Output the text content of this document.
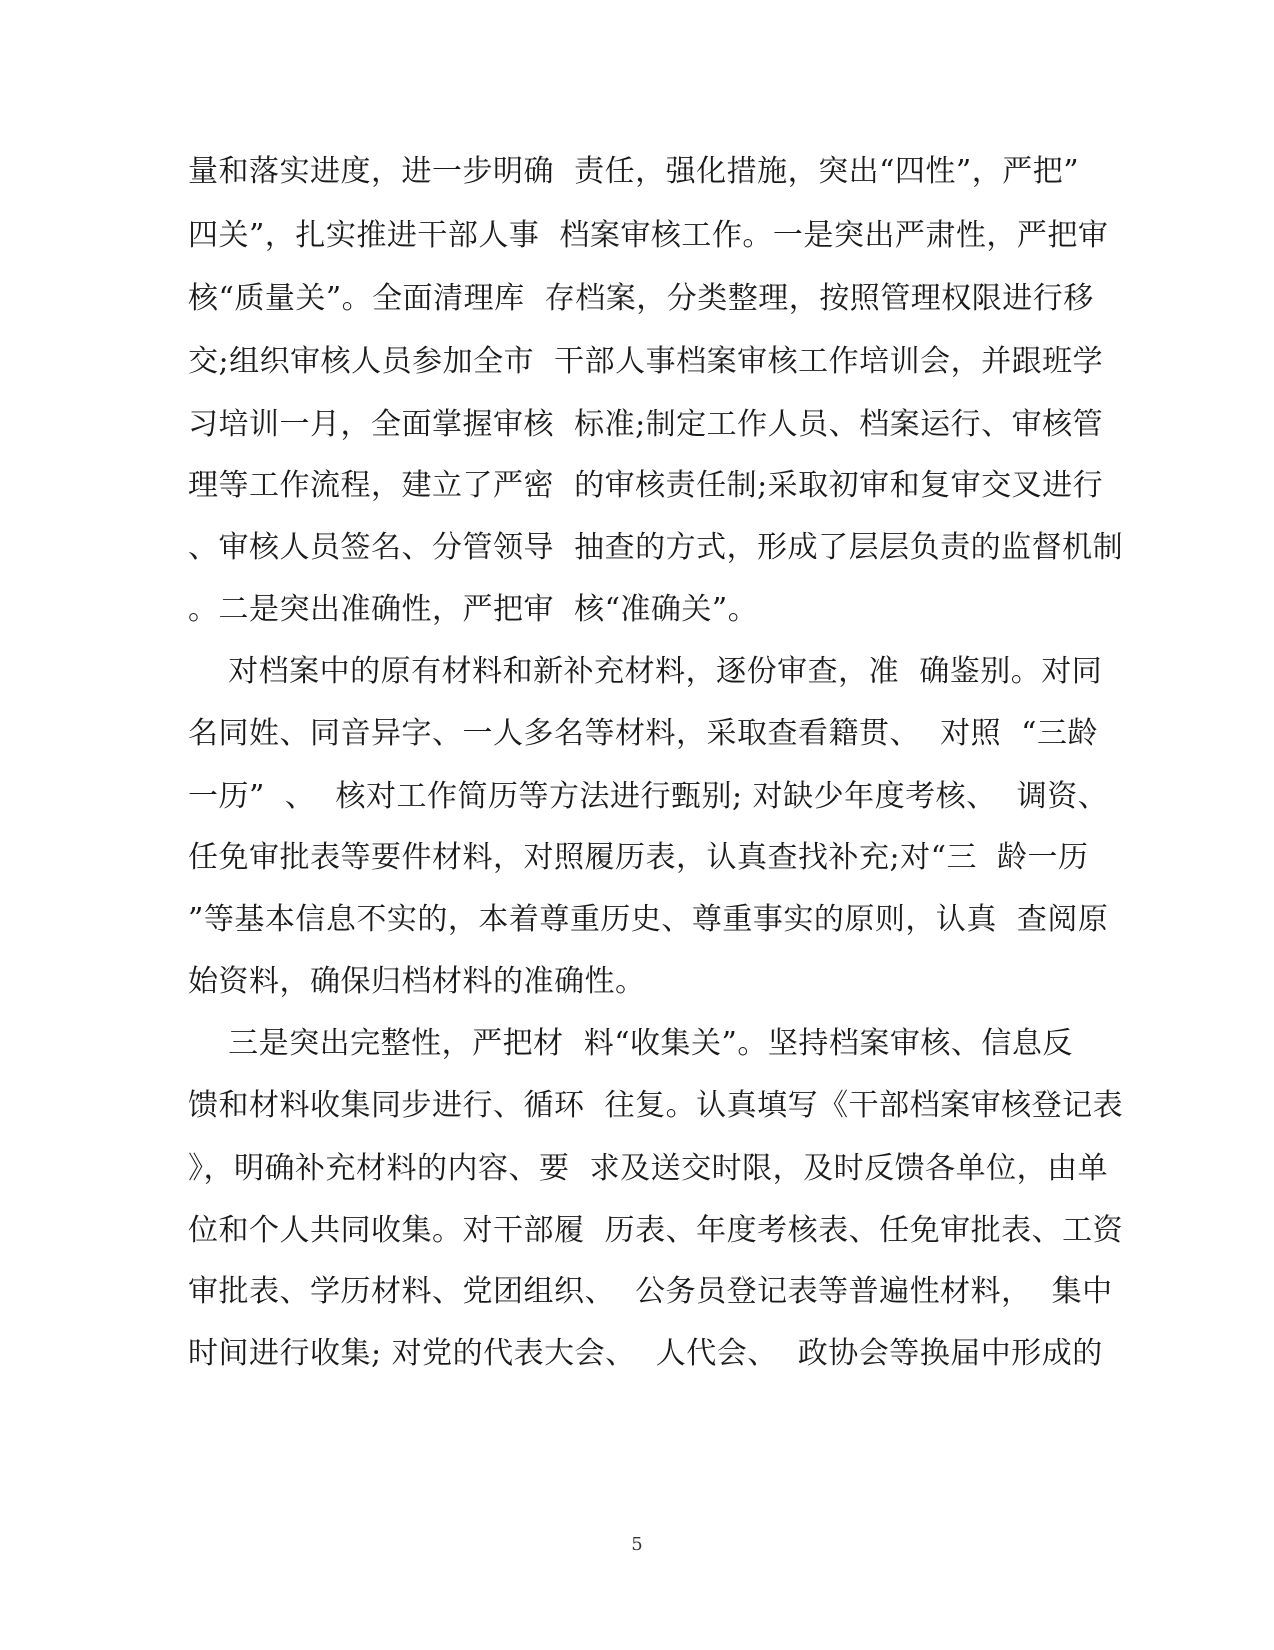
量和落实进度，进一步明确  责任，强化措施，突出“四性”，严把”
四关”，扎实推进干部人事  档案审核工作。一是突出严肃性，严把审
核“质量关”。全面清理库  存档案，分类整理，按照管理权限进行移
交;组织审核人员参加全市  干部人事档案审核工作培训会，并跟班学
习培训一月，全面掌握审核  标准;制定工作人员、档案运行、审核管
理等工作流程，建立了严密  的审核责任制;采取初审和复审交叉进行
、审核人员签名、分管领导  抽查的方式，形成了层层负责的监督机制
。二是突出准确性，严把审  核“准确关”。
对档案中的原有材料和新补充材料，逐份审查，准  确鉴别。对同
名同姓、同音异字、一人多名等材料，采取查看籍贯、  对照  “三龄
一历”  、  核对工作简历等方法进行甄别; 对缺少年度考核、  调资、
任免审批表等要件材料，对照履历表，认真查找补充;对“三  龄一历
”等基本信息不实的，本着尊重历史、尊重事实的原则，认真  查阅原
始资料，确保归档材料的准确性。
三是突出完整性，严把材  料“收集关”。坚持档案审核、信息反
馈和材料收集同步进行、循环  往复。认真填写《干部档案审核登记表
》，明确补充材料的内容、要  求及送交时限，及时反馈各单位，由单
位和个人共同收集。对干部履  历表、年度考核表、任免审批表、工资
审批表、学历材料、党团组织、  公务员登记表等普遍性材料，  集中
时间进行收集; 对党的代表大会、  人代会、  政协会等换届中形成的
5
